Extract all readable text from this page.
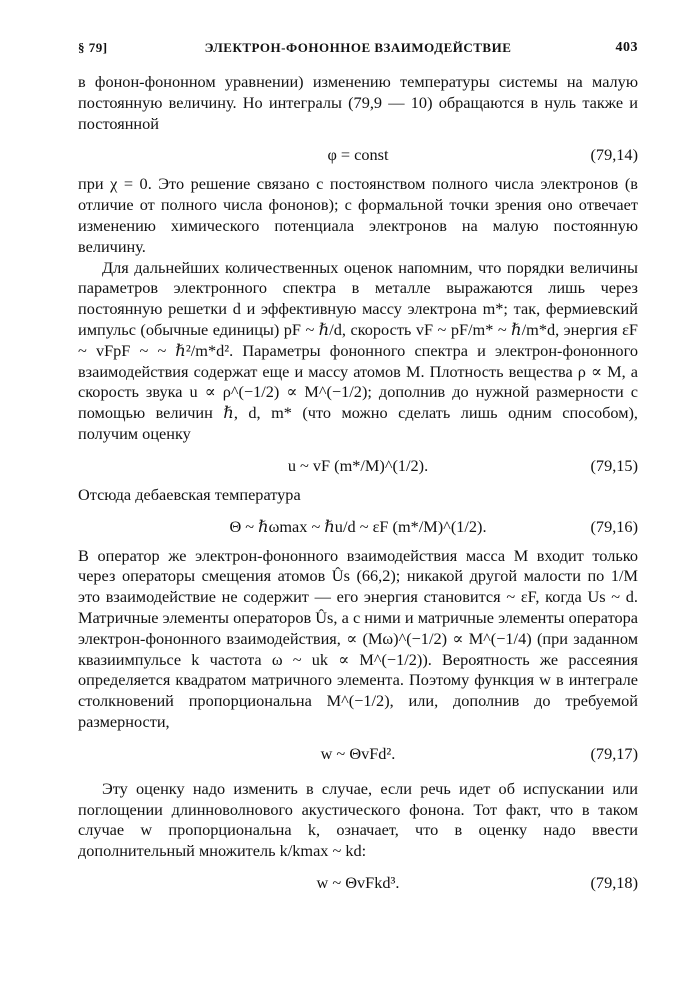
§ 79]	ЭЛЕКТРОН-ФОНОННОЕ ВЗАИМОДЕЙСТВИЕ	403

в фонон-фононном уравнении) изменению температуры системы на малую постоянную величину. Но интегралы (79,9 — 10) обращаются в нуль также и постоянной

φ = const	(79,14)

при χ = 0. Это решение связано с постоянством полного числа электронов (в отличие от полного числа фононов); с формальной точки зрения оно отвечает изменению химического потенциала электронов на малую постоянную величину.

Для дальнейших количественных оценок напомним, что порядки величины параметров электронного спектра в металле выражаются лишь через постоянную решетки d и эффективную массу электрона m*; так, фермиевский импульс (обычные единицы) pF ~ ℏ/d, скорость vF ~ pF/m* ~ ℏ/m*d, энергия εF ~ vFpF ~ ~ ℏ²/m*d². Параметры фононного спектра и электрон-фононного взаимодействия содержат еще и массу атомов M. Плотность вещества ρ ∝ M, а скорость звука u ∝ ρ^(−1/2) ∝ M^(−1/2); дополнив до нужной размерности с помощью величин ℏ, d, m* (что можно сделать лишь одним способом), получим оценку

u ~ vF (m*/M)^(1/2).	(79,15)

Отсюда дебаевская температура

Θ ~ ℏωmax ~ ℏu/d ~ εF (m*/M)^(1/2).	(79,16)

В оператор же электрон-фононного взаимодействия масса M входит только через операторы смещения атомов Ûs (66,2); никакой другой малости по 1/M это взаимодействие не содержит — его энергия становится ~ εF, когда Us ~ d. Матричные элементы операторов Ûs, а с ними и матричные элементы оператора электрон-фононного взаимодействия, ∝ (Mω)^(−1/2) ∝ M^(−1/4) (при заданном квазиимпульсе k частота ω ~ uk ∝ M^(−1/2)). Вероятность же рассеяния определяется квадратом матричного элемента. Поэтому функция w в интеграле столкновений пропорциональна M^(−1/2), или, дополнив до требуемой размерности,

w ~ ΘvFd².	(79,17)

Эту оценку надо изменить в случае, если речь идет об испускании или поглощении длинноволнового акустического фонона. Тот факт, что в таком случае w пропорциональна k, означает, что в оценку надо ввести дополнительный множитель k/kmax ~ kd:

w ~ ΘvFkd³.	(79,18)
